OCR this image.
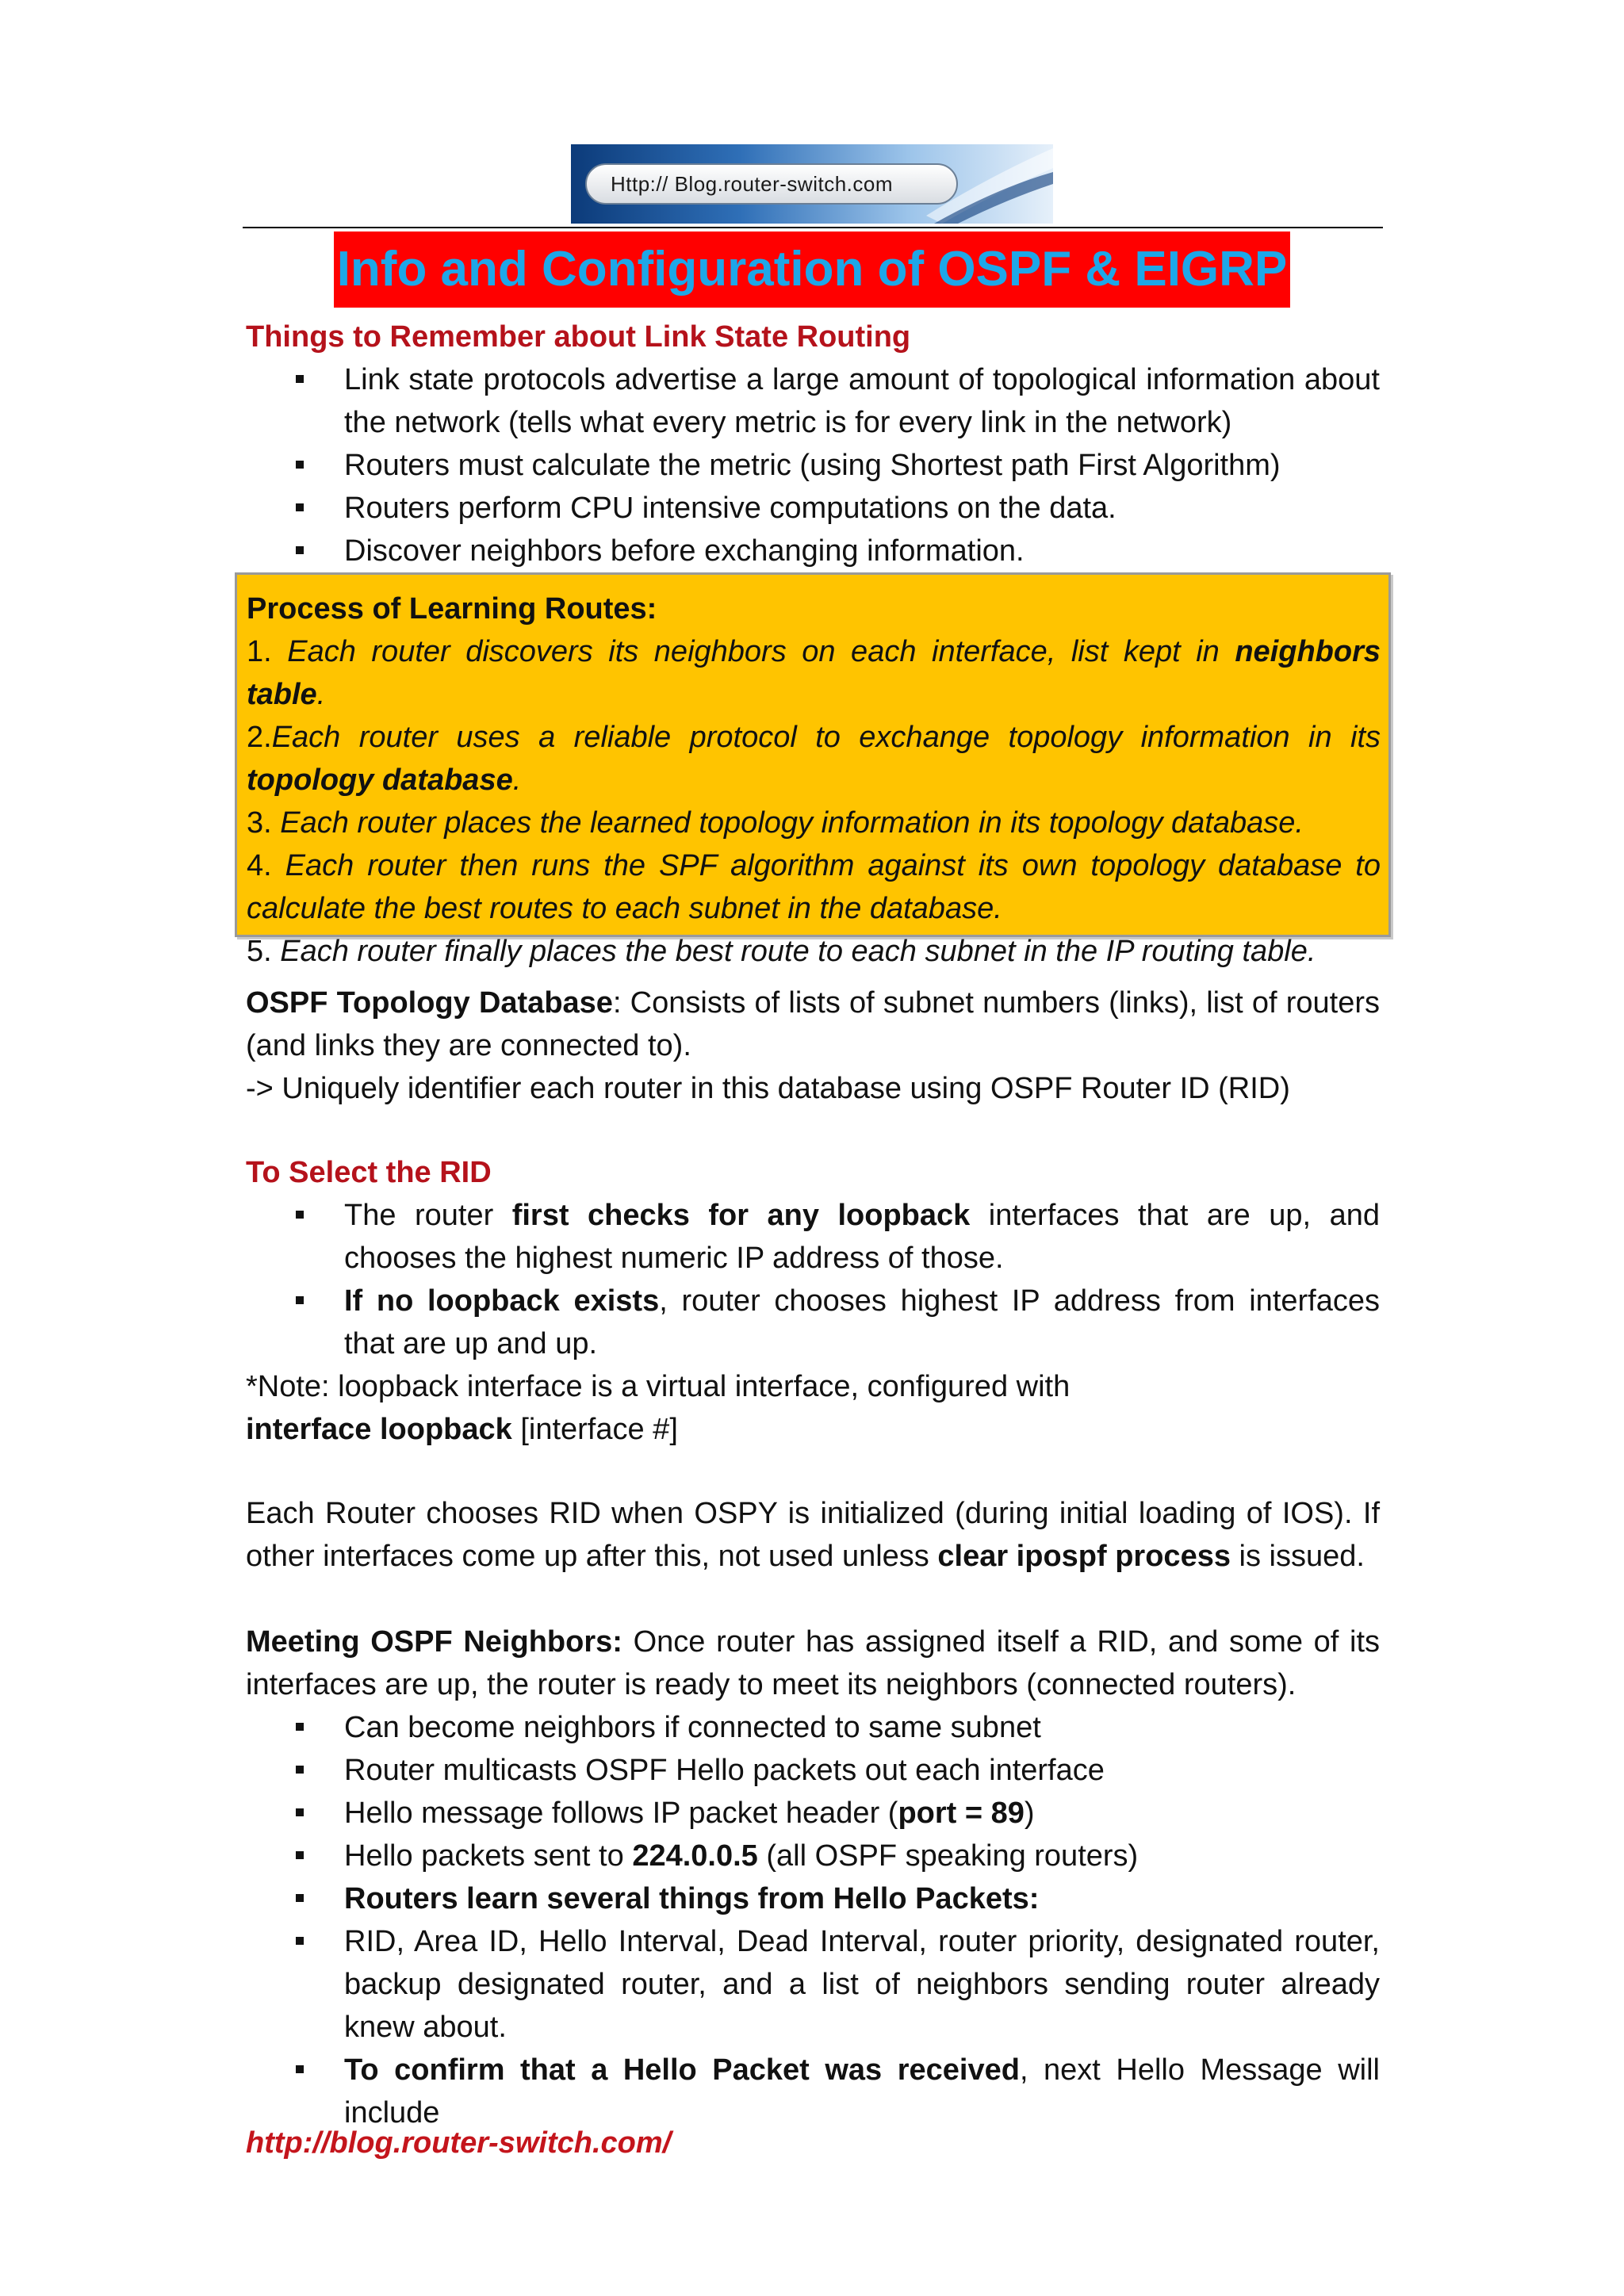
Http:// Blog.router-switch.com
Info and Configuration of OSPF & EIGRP
Things to Remember about Link State Routing
Link state protocols advertise a large amount of topological information about the network (tells what every metric is for every link in the network)
Routers must calculate the metric (using Shortest path First Algorithm)
Routers perform CPU intensive computations on the data.
Discover neighbors before exchanging information.
Process of Learning Routes:
1. Each router discovers its neighbors on each interface, list kept in neighbors table.
2.Each router uses a reliable protocol to exchange topology information in its topology database.
3. Each router places the learned topology information in its topology database.
4. Each router then runs the SPF algorithm against its own topology database to calculate the best routes to each subnet in the database.
5. Each router finally places the best route to each subnet in the IP routing table.
OSPF Topology Database: Consists of lists of subnet numbers (links), list of routers (and links they are connected to).
-> Uniquely identifier each router in this database using OSPF Router ID (RID)
To Select the RID
The router first checks for any loopback interfaces that are up, and chooses the highest numeric IP address of those.
If no loopback exists, router chooses highest IP address from interfaces that are up and up.
*Note: loopback interface is a virtual interface, configured with
interface loopback [interface #]
Each Router chooses RID when OSPY is initialized (during initial loading of IOS). If other interfaces come up after this, not used unless clear ipospf process is issued.
Meeting OSPF Neighbors: Once router has assigned itself a RID, and some of its interfaces are up, the router is ready to meet its neighbors (connected routers).
Can become neighbors if connected to same subnet
Router multicasts OSPF Hello packets out each interface
Hello message follows IP packet header (port = 89)
Hello packets sent to 224.0.0.5 (all OSPF speaking routers)
Routers learn several things from Hello Packets:
RID, Area ID, Hello Interval, Dead Interval, router priority, designated router, backup designated router, and a list of neighbors sending router already knew about.
To confirm that a Hello Packet was received, next Hello Message will include
http://blog.router-switch.com/
